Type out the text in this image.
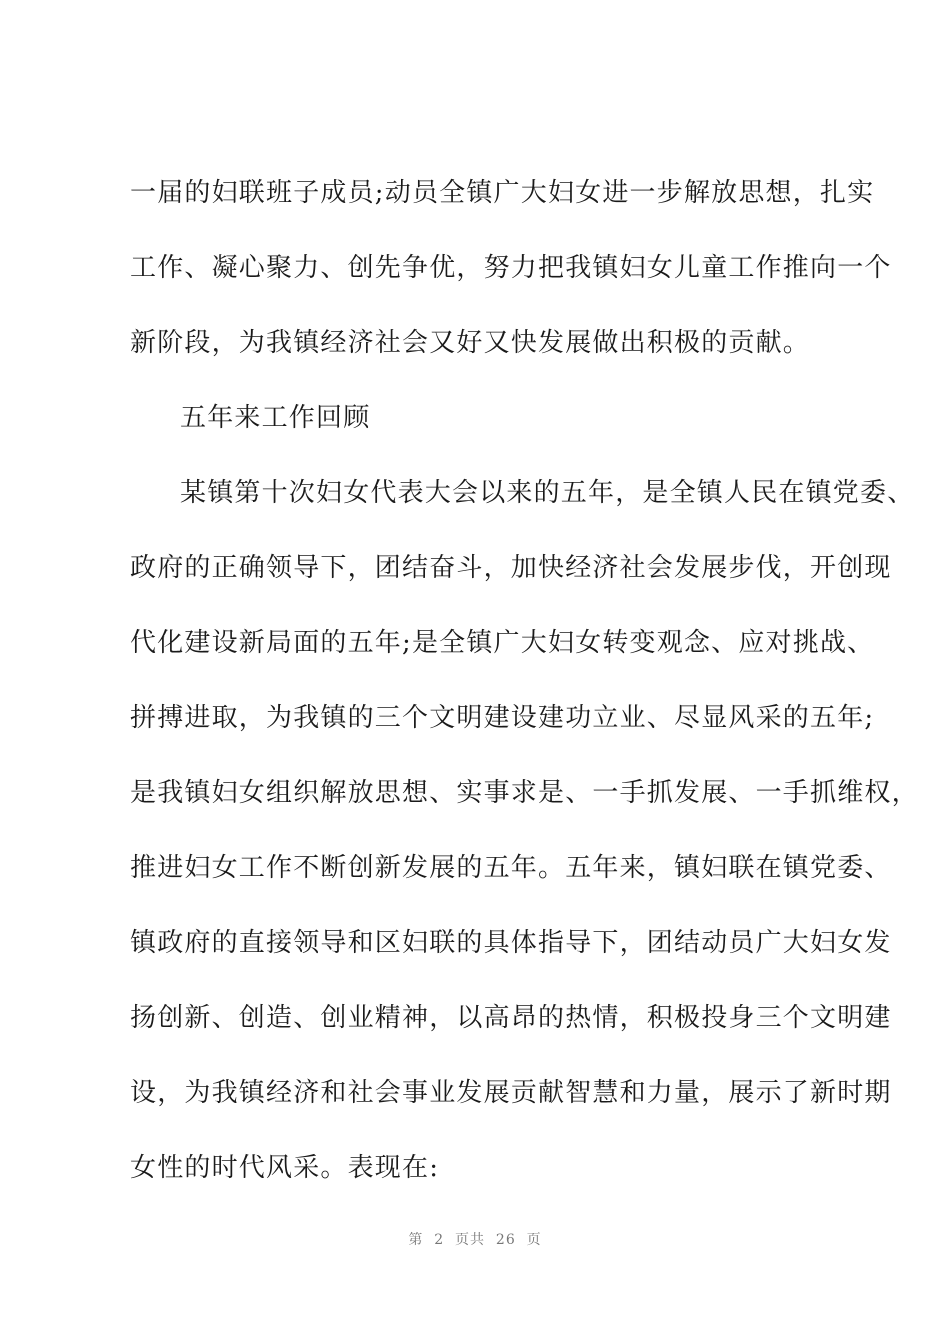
一届的妇联班子成员;动员全镇广大妇女进一步解放思想，扎实
工作、凝心聚力、创先争优，努力把我镇妇女儿童工作推向一个
新阶段，为我镇经济社会又好又快发展做出积极的贡献。
五年来工作回顾
某镇第十次妇女代表大会以来的五年，是全镇人民在镇党委、
政府的正确领导下，团结奋斗，加快经济社会发展步伐，开创现
代化建设新局面的五年;是全镇广大妇女转变观念、应对挑战、
拼搏进取，为我镇的三个文明建设建功立业、尽显风采的五年;
是我镇妇女组织解放思想、实事求是、一手抓发展、一手抓维权，
推进妇女工作不断创新发展的五年。五年来，镇妇联在镇党委、
镇政府的直接领导和区妇联的具体指导下，团结动员广大妇女发
扬创新、创造、创业精神，以高昂的热情，积极投身三个文明建
设，为我镇经济和社会事业发展贡献智慧和力量，展示了新时期
女性的时代风采。表现在:
第  2  页共  26  页
